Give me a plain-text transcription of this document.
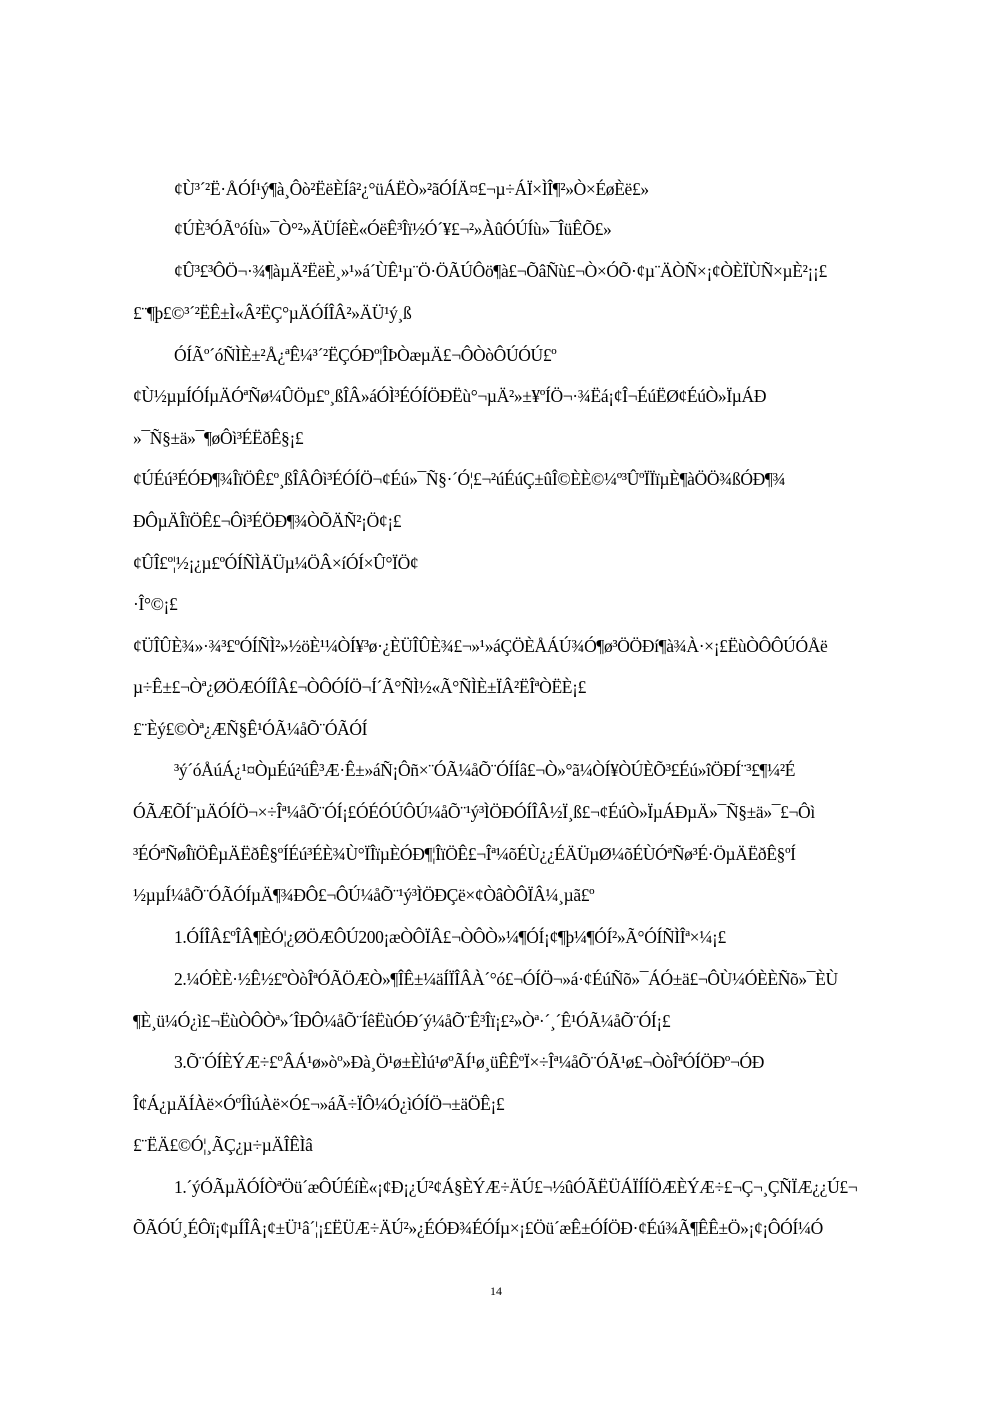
¢Ù³´²Ë·ÅÓÍ¹ý¶à¸Ôò²ËëÈÍâ²¿°üÁËÒ»²ãÓÍÄ¤£¬µ÷ÁÏ×ÌÎ¶²»Ò×ÉøÈë£»
¢ÚÈ³ÓÃºóÍù»¯Ò°²»ÄÜÍêÈ«ÓëÊ³Îï½Ó´¥£¬²»ÀûÓÚÍù»¯ÎüÊÕ£»
¢Û³£³ÔÖ¬·¾¶àµÄ²ËëÈ¸»¹»á´ÙÊ¹µ¨Ö·ÖÃÚÔö¶à£¬ÕâÑù£¬Ò×ÓÕ·¢µ¨ÄÒÑ×¡¢ÒÈÏÙÑ×µÈ²¡¡£
£¨¶þ£©³´²ËÊ±Ì«Â²ËÇ°µÄÓÍÎÂ²»ÄÜ¹ý¸ß
ÓÍÃº´óÑÌÈ±²Å¿ªÊ¼³´²ËÇÓÐº¦ÎÞÒæµÄ£¬ÔÒòÔÚÓÚ£º
¢Ù½µµÍÓÍµÄÓªÑø¼ÛÖµ£º¸ßÎÂ»áÓÌ³ÉÓÍÖÐËù°¬µÄ²»±¥ºÍÖ¬·¾Ëá¡¢Î¬ÉúËØ¢ÉúÒ»ÏµÁÐ
»¯Ñ§±ä»¯¶øÔì³ÉËðÊ§¡£
¢ÚÉú³ÉÓÐ¶¾ÎïÖÊ£º¸ßÎÂÔì³ÉÓÍÖ¬¢Éú»¯Ñ§·´Ó¦£¬²úÉúÇ±ûÎ©ÈÈ©¼º³ÛºÏÏïµÈ¶àÖÖ¾ßÓÐ¶¾
ÐÔµÄÎïÖÊ£¬Ôì³ÉÖÐ¶¾ÒÕÄÑ²¡Ö¢¡£
¢ÛÎ£º¦½¡¿µ£ºÓÍÑÌÄÜµ¼ÖÂ×íÓÍ×Û°ÏÖ¢
·Î°©¡£
¢ÜÎÛÈ¾»·¾³£ºÓÍÑÌ²»½öÈ¹¼ÒÍ¥³ø·¿ÈÜÎÛÈ¾£¬»¹»áÇÖÈÅÁÚ¾Ó¶ø³ÖÖÐí¶à¾À·×¡£ËùÒÔÔÚÓÅë
µ÷Ê±£¬Òª¿ØÖÆÓÍÎÂ£¬ÒÔÓÍÖ¬Í´Ã°ÑÌ½«Ã°ÑÌÈ±ÏÂ²ËÎªÒËÈ¡£
£¨Èý£©Òª¿ÆÑ§Ê¹ÓÃ¼åÕ¨ÓÃÓÍ
³ý´óÅúÁ¿¹¤ÒµÉú²úÊ³Æ·Ê±»áÑ¡Ôñ×¨ÓÃ¼åÕ¨ÓÍÍâ£¬Ò»°ã¼ÒÍ¥ÒÚÈÕ³£Éú»îÖÐÍ¨³£¶¼²É
ÓÃÆÕÍ¨µÄÓÍÖ¬×÷Îª¼åÕ¨ÓÍ¡£ÓÉÓÚÔÚ¼åÕ¨¹ý³ÌÖÐÓÍÎÂ½Ï¸ß£¬¢ÉúÒ»ÏµÁÐµÄ»¯Ñ§±ä»¯£¬Ôì
³ÉÓªÑøÎïÖÊµÄËðÊ§ºÍÉú³ÉÈ¾Ù°ÏÎïµÈÓÐ¶¦ÎïÖÊ£¬Îª¼õÉÙ¿¿ÉÄÜµØ¼õÉÙÓªÑø³É·ÖµÄËðÊ§ºÍ
½µµÍ¼åÕ¨ÓÃÓÍµÄ¶¾ÐÔ£¬ÔÚ¼åÕ¨¹ý³ÌÖÐÇë×¢ÒâÒÔÏÂ¼¸µã£º
1.ÓÍÎÂ£ºÎÂ¶ÈÓ¦¿ØÖÆÔÚ200¡æÒÔÏÂ£¬ÒÔÒ»¼¶ÓÍ¡¢¶þ¼¶ÓÍ²»Ã°ÓÍÑÌÎª×¼¡£
2.¼ÓÈÈ·½Ê½£ºÒòÎªÓÃÖÆÒ»¶ÎÊ±¼äÍÏÎÂÀ´°ó£¬ÓÍÖ¬»á·¢ÉúÑõ»¯ÁÓ±ä£¬ÔÙ¼ÓÈÈÑõ»¯ÈÙ
¶È¸ü¼Ó¿ì£¬ËùÒÔÒª»´ÎÐÔ¼åÕ¨ÍêËùÓÐ´ý¼åÕ¨Ê³Îï¡£²»Òª·´¸´Ê¹ÓÃ¼åÕ¨ÓÍ¡£
3.Õ¨ÓÍÈÝÆ÷£ºÂÁ¹ø»òº»Ðà¸Ö¹ø±ÈÌú¹øºÃÍ¹ø¸üÊÊºÏ×÷Îª¼åÕ¨ÓÃ¹ø£¬ÒòÎªÓÍÖÐº¬ÓÐ
Î¢Á¿µÄÍÀë×ÓºÍÌúÀë×Ó£¬»áÃ÷ÏÔ¼Ó¿ìÓÍÖ¬±äÖÊ¡£
£¨ËÄ£©Ó¦¸ÃÇ¿µ÷µÄÎÊÌâ
1.´ýÓÃµÄÓÍÒªÖü´æÔÚÉíÈ«¡¢Ð¡¿Ú²¢Á§ÈÝÆ÷ÄÚ£¬½ûÓÃËÜÁÏÍÍÖÆÈÝÆ÷£¬Ç¬¸ÇÑÏÆ¿¿Ú£¬
ÕÃÓÚ¸ÉÔï¡¢µÍÎÂ¡¢±Ü¹â´¦¡£ËÜÆ÷ÄÚ²»¿ÉÓÐ¾ÉÓÍµ×¡£Öü´æÊ±ÓÍÖÐ·¢Éú¾Ã¶ÊÊ±Ö»¡¢¡ÔÓÍ¼Ó
14
